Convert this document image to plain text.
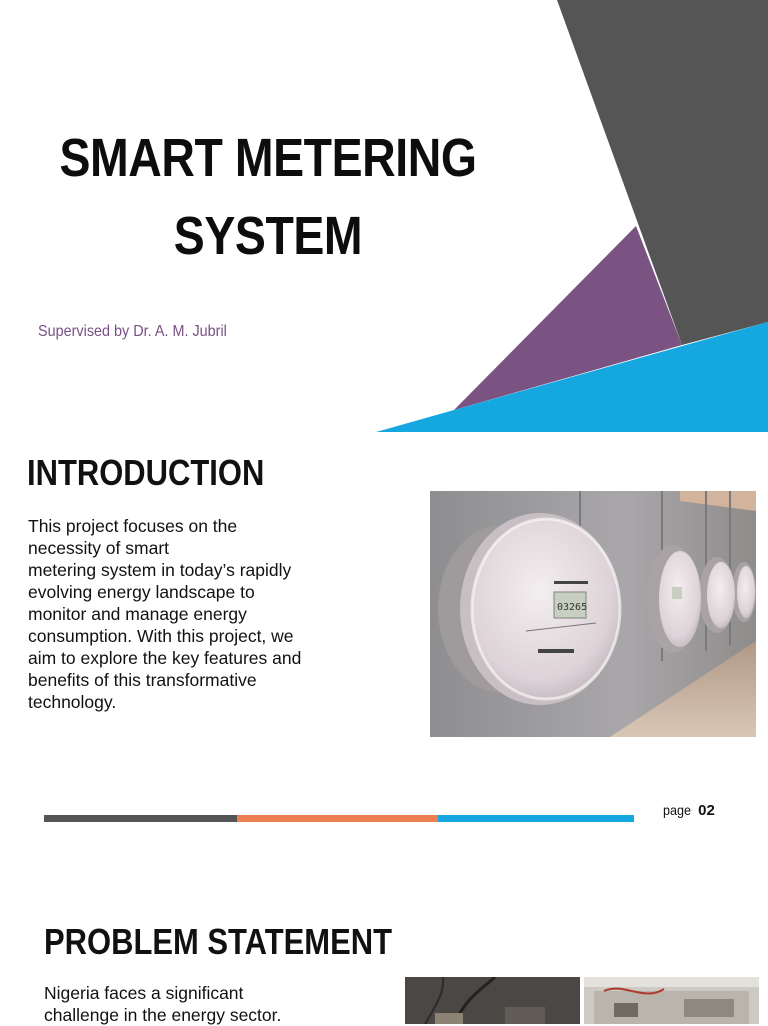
SMART METERING
SYSTEM
Supervised by Dr. A. M. Jubril
INTRODUCTION
This project focuses on the
necessity of smart
metering system in today’s rapidly
evolving energy landscape to
monitor and manage energy
consumption. With this project, we
aim to explore the key features and
benefits of this transformative
technology.
03265
page 02
PROBLEM STATEMENT
Nigeria faces a significant
challenge in the energy sector.
